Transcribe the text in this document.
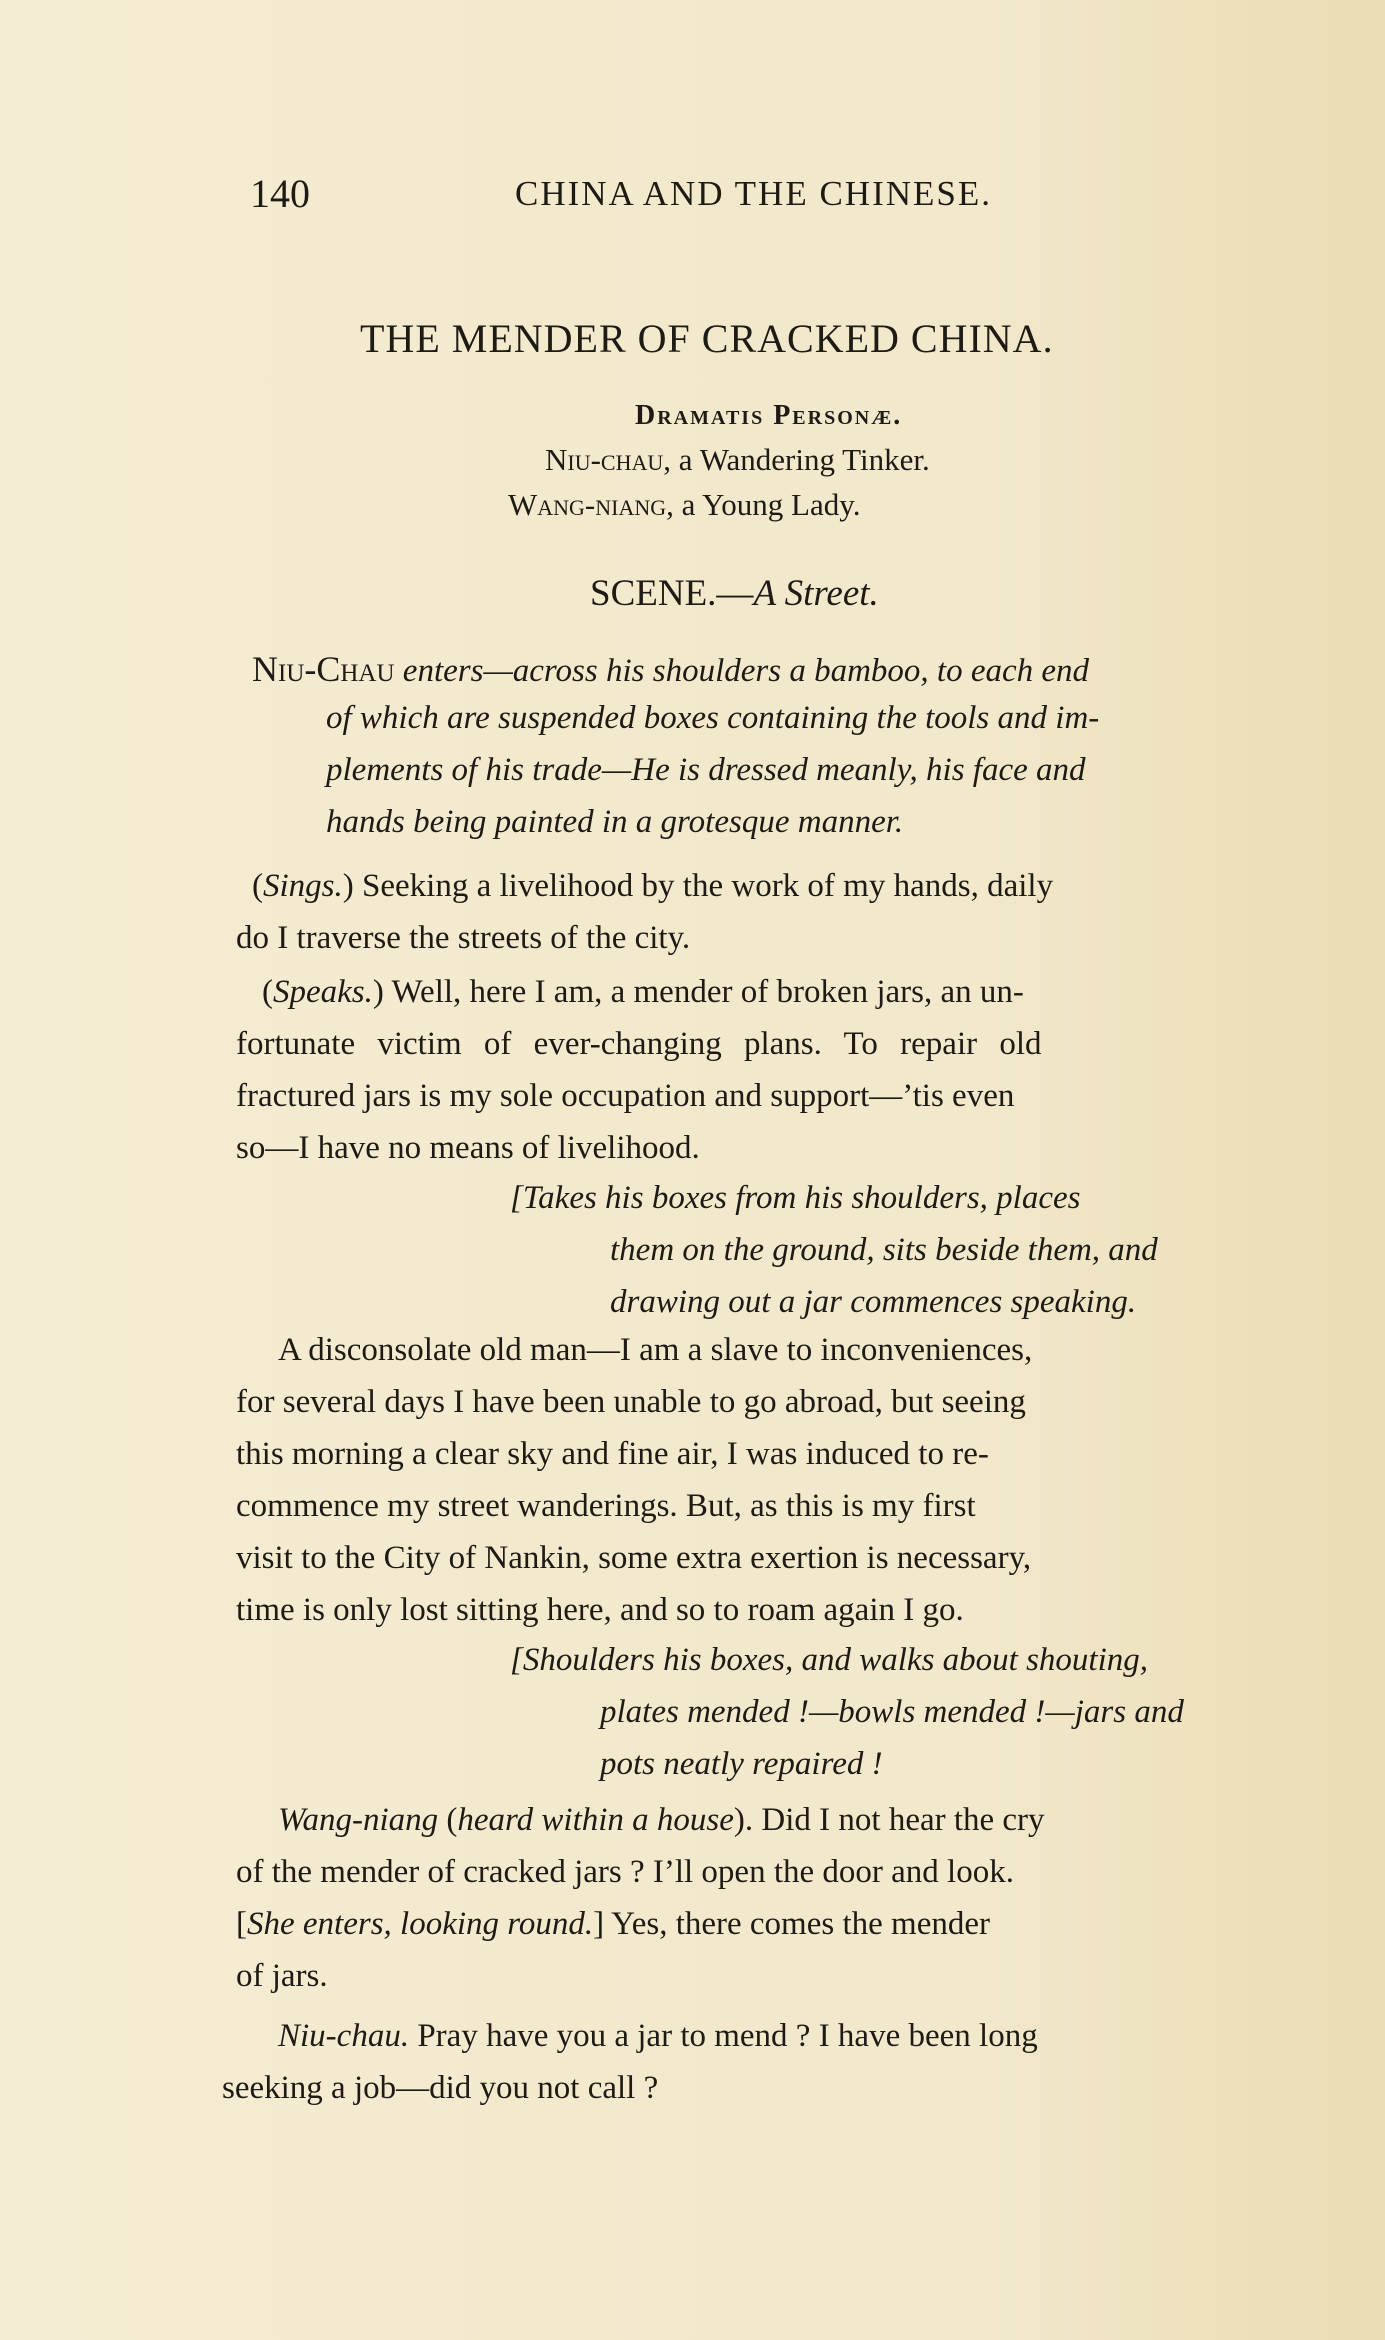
140	CHINA AND THE CHINESE.
THE MENDER OF CRACKED CHINA.
Dramatis Personæ.
Niu-chau, a Wandering Tinker.
Wang-niang, a Young Lady.
SCENE.—A Street.
Niu-Chau enters—across his shoulders a bamboo, to each end
of which are suspended boxes containing the tools and im-
plements of his trade—He is dressed meanly, his face and
hands being painted in a grotesque manner.
(Sings.) Seeking a livelihood by the work of my hands, daily
do I traverse the streets of the city.
(Speaks.) Well, here I am, a mender of broken jars, an un-
fortunate victim of ever-changing plans. To repair old
fractured jars is my sole occupation and support—’tis even
so—I have no means of livelihood.
[Takes his boxes from his shoulders, places
them on the ground, sits beside them, and
drawing out a jar commences speaking.
A disconsolate old man—I am a slave to inconveniences,
for several days I have been unable to go abroad, but seeing
this morning a clear sky and fine air, I was induced to re-
commence my street wanderings. But, as this is my first
visit to the City of Nankin, some extra exertion is necessary,
time is only lost sitting here, and so to roam again I go.
[Shoulders his boxes, and walks about shouting,
plates mended !—bowls mended !—jars and
pots neatly repaired !
Wang-niang (heard within a house). Did I not hear the cry
of the mender of cracked jars ? I’ll open the door and look.
[She enters, looking round.] Yes, there comes the mender
of jars.
Niu-chau. Pray have you a jar to mend ? I have been long
seeking a job—did you not call ?
